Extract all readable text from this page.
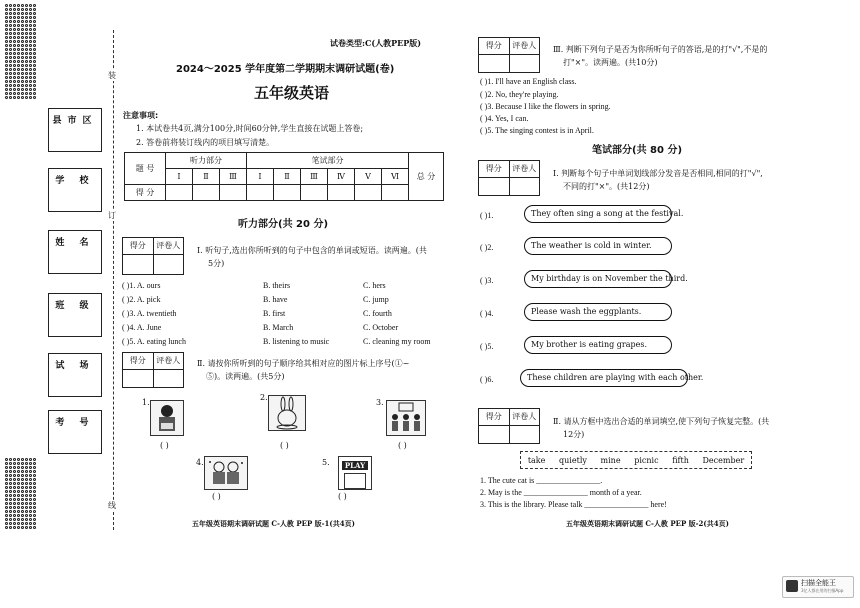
县市区
学 校
姓 名
班 级
试 场
考 号
装
订
线
试卷类型:C(人教PEP版)
2024～2025 学年度第二学期期末调研试题(卷)
五年级英语
注意事项:
1. 本试卷共4页,满分100分,时间60分钟,学生直接在试题上答卷;
2. 答卷前将装订线内的项目填写清楚。
题 号	听力部分			笔试部分						总 分
	Ⅰ	Ⅱ	Ⅲ	Ⅰ	Ⅱ	Ⅲ	Ⅳ	Ⅴ	Ⅵ	
得 分										
听力部分(共 20 分)
得分	评卷人
Ⅰ. 听句子,选出你所听到的句子中包含的单词或短语。读两遍。(共
5分)
( )1. A. ours	B. theirs	C. hers
( )2. A. pick	B. have	C. jump
( )3. A. twentieth	B. first	C. fourth
( )4. A. June	B. March	C. October
( )5. A. eating lunch	B. listening to music	C. cleaning my room
得分	评卷人	Ⅱ. 请按你所听到的句子顺序给其相对应的图片标上序号(①~
⑤)。读两遍。(共5分)
1.
( )
2.
( )
3.
( )
4.
( )
5.	PLAY
( )
五年级英语期末调研试题 C-人教 PEP 版-1(共4页)
得分	评卷人	Ⅲ. 判断下列句子是否为你所听句子的答语,是的打"√",不是的
打"×"。读两遍。(共10分)
( )1. I'll have an English class.
( )2. No, they're playing.
( )3. Because I like the flowers in spring.
( )4. Yes, I can.
( )5. The singing contest is in April.
笔试部分(共 80 分)
得分	评卷人
Ⅰ. 判断每个句子中单词划线部分发音是否相同,相同的打"√",
不同的打"×"。(共12分)
( )1.	They often sing a song at the festival.
( )2.	The weather is cold in winter.
( )3.	My birthday is on November the third.
( )4.	Please wash the eggplants.
( )5.	My brother is eating grapes.
( )6.	These children are playing with each other.
得分	评卷人
Ⅱ. 请从方框中选出合适的单词填空,使下列句子恢复完整。(共
12分)
take quietly mine picnic fifth December
1. The cute cat is ________________.
2. May is the ________________ month of a year.
3. This is the library. Please talk ________________ here!
五年级英语期末调研试题 C-人教 PEP 版-2(共4页)
扫描全能王
3亿人都在用的扫描App
